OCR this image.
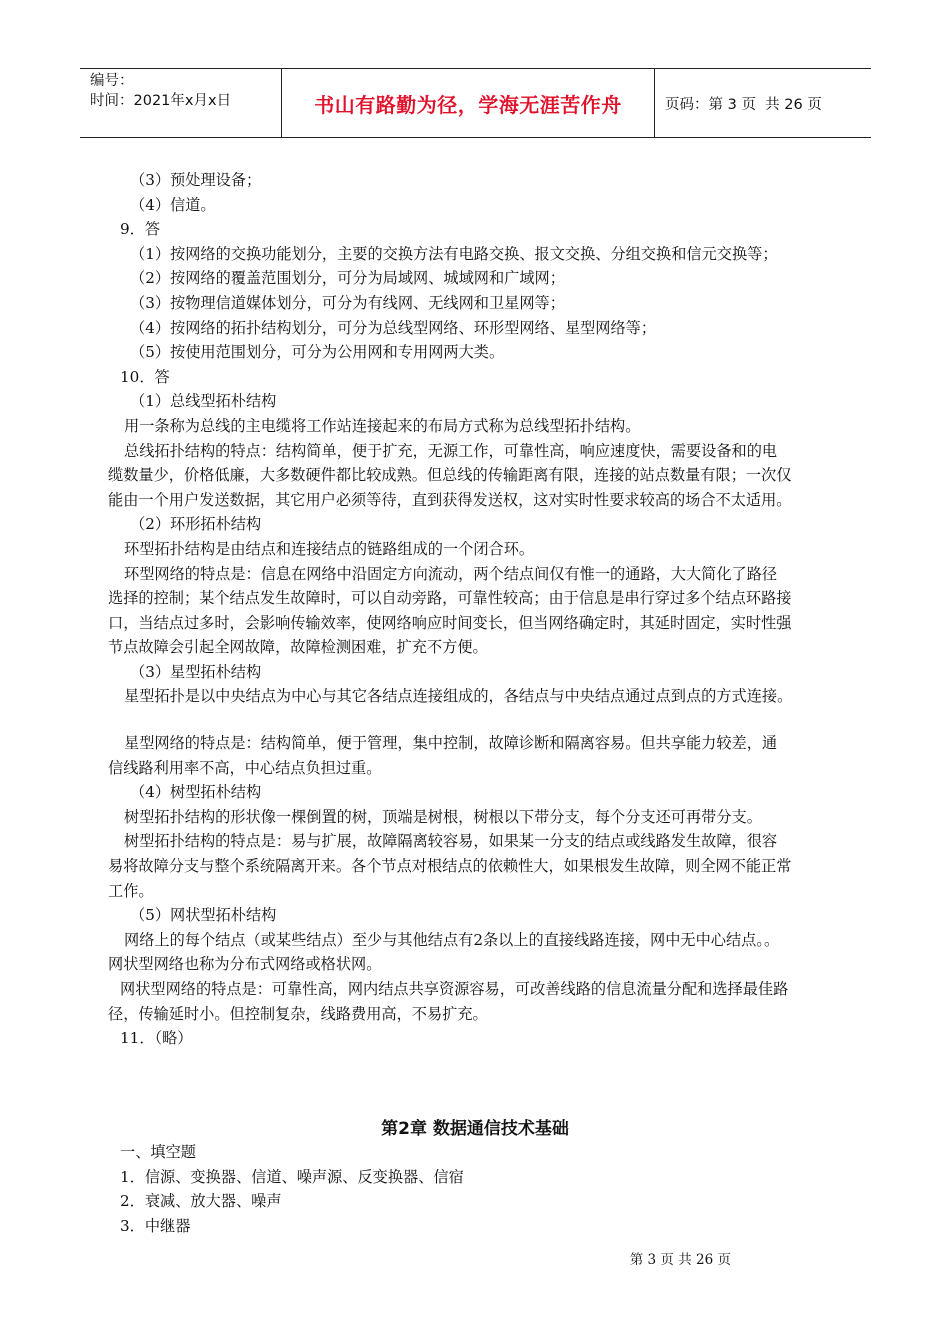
编号：
时间：2021年x月x日	书山有路勤为径，学海无涯苦作舟	页码：第 3 页  共 26 页

（3）预处理设备；

（4）信道。

9．答

（1）按网络的交换功能划分，主要的交换方法有电路交换、报文交换、分组交换和信元交换等；

（2）按网络的覆盖范围划分，可分为局域网、城域网和广域网；

（3）按物理信道媒体划分，可分为有线网、无线网和卫星网等；

（4）按网络的拓扑结构划分，可分为总线型网络、环形型网络、星型网络等；

（5）按使用范围划分，可分为公用网和专用网两大类。

10．答

（1）总线型拓朴结构

用一条称为总线的主电缆将工作站连接起来的布局方式称为总线型拓扑结构。

总线拓扑结构的特点：结构简单，便于扩充，无源工作，可靠性高，响应速度快，需要设备和的电

缆数量少，价格低廉，大多数硬件都比较成熟。但总线的传输距离有限，连接的站点数量有限；一次仅

能由一个用户发送数据，其它用户必须等待，直到获得发送权，这对实时性要求较高的场合不太适用。

（2）环形拓朴结构

环型拓扑结构是由结点和连接结点的链路组成的一个闭合环。

环型网络的特点是：信息在网络中沿固定方向流动，两个结点间仅有惟一的通路，大大简化了路径

选择的控制；某个结点发生故障时，可以自动旁路，可靠性较高；由于信息是串行穿过多个结点环路接

口，当结点过多时，会影响传输效率，使网络响应时间变长，但当网络确定时，其延时固定，实时性强

节点故障会引起全网故障，故障检测困难，扩充不方便。

（3）星型拓朴结构

星型拓扑是以中央结点为中心与其它各结点连接组成的，各结点与中央结点通过点到点的方式连接。

星型网络的特点是：结构简单，便于管理，集中控制，故障诊断和隔离容易。但共享能力较差，通

信线路利用率不高，中心结点负担过重。

（4）树型拓朴结构

树型拓扑结构的形状像一棵倒置的树，顶端是树根，树根以下带分支，每个分支还可再带分支。

树型拓扑结构的特点是：易与扩展，故障隔离较容易，如果某一分支的结点或线路发生故障，很容

易将故障分支与整个系统隔离开来。各个节点对根结点的依赖性大，如果根发生故障，则全网不能正常

工作。

（5）网状型拓朴结构

网络上的每个结点（或某些结点）至少与其他结点有2条以上的直接线路连接，网中无中心结点。。

网状型网络也称为分布式网络或格状网。

网状型网络的特点是：可靠性高，网内结点共享资源容易，可改善线路的信息流量分配和选择最佳路

径，传输延时小。但控制复杂，线路费用高，不易扩充。

11．（略）

第2章 数据通信技术基础

一、填空题

1．信源、变换器、信道、噪声源、反变换器、信宿

2．衰减、放大器、噪声

3．中继器

第 3 页 共 26 页
